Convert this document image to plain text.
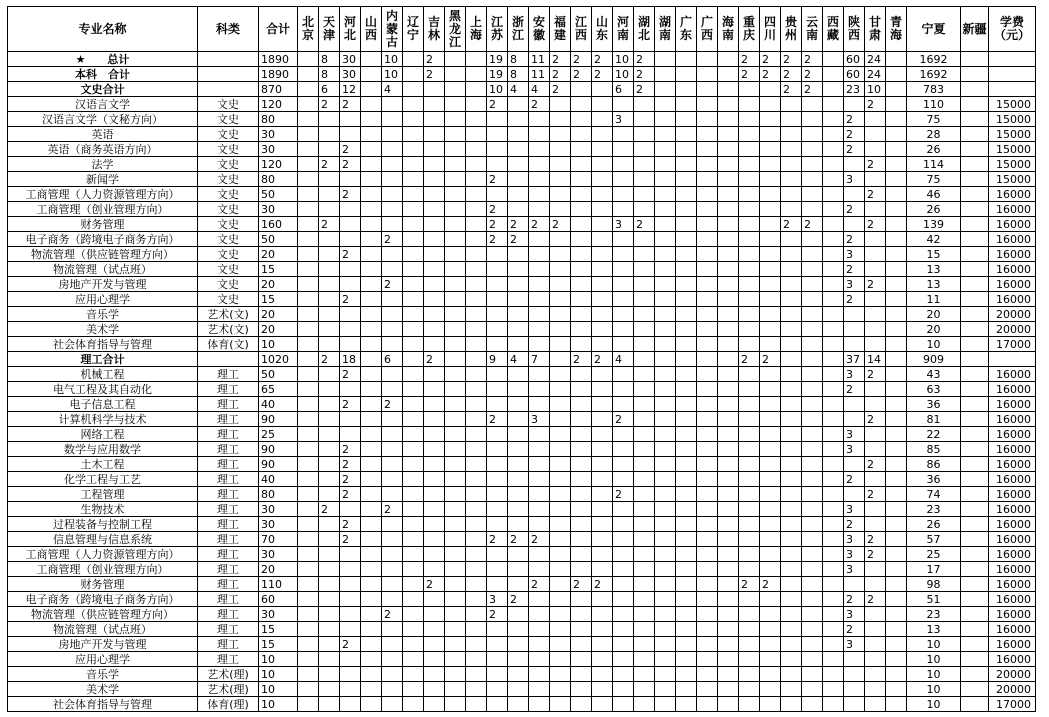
专业名称	科类	合计	北京	天津	河北	山西	内蒙古	辽宁	吉林	黑龙江	上海	江苏	浙江	安徽	福建	江西	山东	河南	湖北	湖南	广东	广西	海南	重庆	四川	贵州	云南	西藏	陕西	甘肃	青海	宁夏	新疆	学费（元）
★　　总计		1890		8	30		10		2			19	8	11	2	2	2	10	2					2	2	2	2		60	24		1692		
本科　合计		1890		8	30		10		2			19	8	11	2	2	2	10	2					2	2	2	2		60	24		1692		
文史合计		870		6	12		4					10	4	4	2			6	2							2	2		23	10		783		
汉语言文学	文史	120		2	2							2		2																2		110		15000
汉语言文学（文秘方向）	文史	80																3											2			75		15000
英语	文史	30																											2			28		15000
英语（商务英语方向）	文史	30			2																								2			26		15000
法学	文史	120		2	2																									2		114		15000
新闻学	文史	80										2																	3			75		15000
工商管理（人力资源管理方向）	文史	50			2																									2		46		16000
工商管理（创业管理方向）	文史	30										2																	2			26		16000
财务管理	文史	160		2								2	2	2	2			3	2							2	2			2		139		16000
电子商务（跨境电子商务方向）	文史	50					2					2	2																2			42		16000
物流管理（供应链管理方向）	文史	20			2																								3			15		16000
物流管理（试点班）	文史	15																											2			13		16000
房地产开发与管理	文史	20					2																						3	2		13		16000
应用心理学	文史	15			2																								2			11		16000
音乐学	艺术(文)	20																														20		20000
美术学	艺术(文)	20																														20		20000
社会体育指导与管理	体育(文)	10																														10		17000
理工合计		1020		2	18		6		2			9	4	7		2	2	4						2	2				37	14		909		
机械工程	理工	50			2																								3	2		43		16000
电气工程及其自动化	理工	65																											2			63		16000
电子信息工程	理工	40			2		2																									36		16000
计算机科学与技术	理工	90										2		3				2												2		81		16000
网络工程	理工	25																											3			22		16000
数学与应用数学	理工	90			2																								3			85		16000
土木工程	理工	90			2																									2		86		16000
化学工程与工艺	理工	40			2																								2			36		16000
工程管理	理工	80			2													2												2		74		16000
生物技术	理工	30		2			2																						3			23		16000
过程装备与控制工程	理工	30			2																								2			26		16000
信息管理与信息系统	理工	70			2							2	2	2															3	2		57		16000
工商管理（人力资源管理方向）	理工	30																											3	2		25		16000
工商管理（创业管理方向）	理工	20																											3			17		16000
财务管理	理工	110							2					2		2	2							2	2							98		16000
电子商务（跨境电子商务方向）	理工	60										3	2																2	2		51		16000
物流管理（供应链管理方向）	理工	30					2					2																	3			23		16000
物流管理（试点班）	理工	15																											2			13		16000
房地产开发与管理	理工	15			2																								3			10		16000
应用心理学	理工	10																														10		16000
音乐学	艺术(理)	10																														10		20000
美术学	艺术(理)	10																														10		20000
社会体育指导与管理	体育(理)	10																														10		17000
